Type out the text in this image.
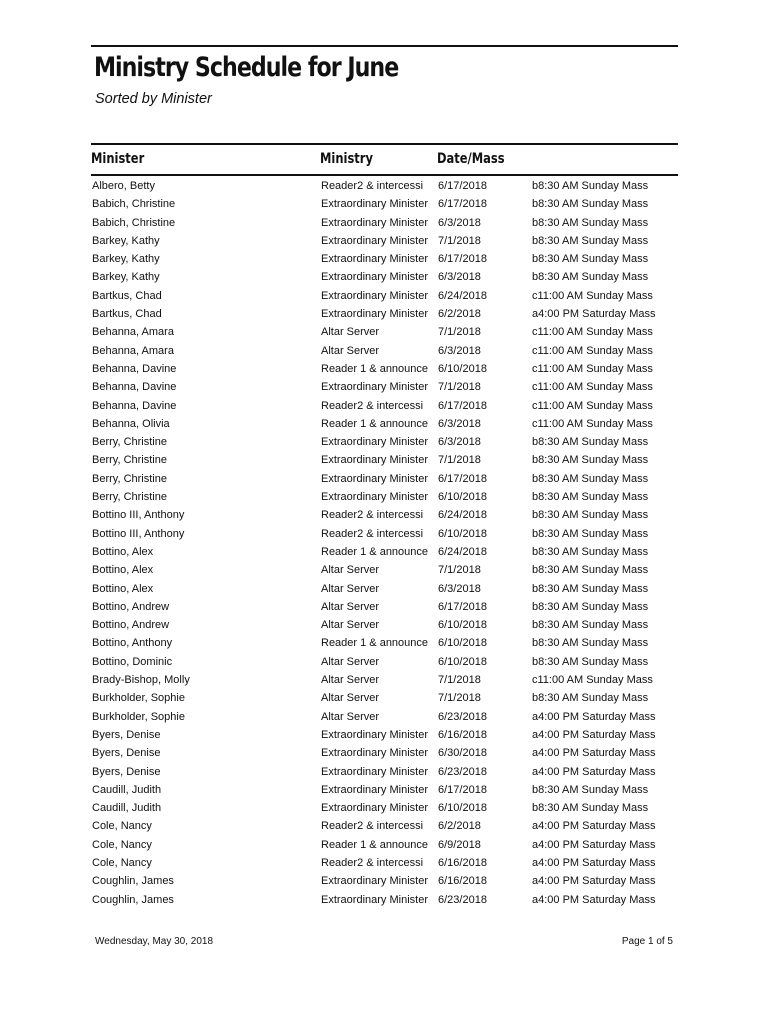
Ministry Schedule for June
Sorted by Minister
Minister	Ministry	Date/Mass
Albero, Betty	Reader2 & intercessi 6/17/2018	b8:30 AM Sunday Mass
Babich, Christine	Extraordinary Minister 6/17/2018	b8:30 AM Sunday Mass
Babich, Christine	Extraordinary Minister 6/3/2018	b8:30 AM Sunday Mass
Barkey, Kathy	Extraordinary Minister 7/1/2018	b8:30 AM Sunday Mass
Barkey, Kathy	Extraordinary Minister 6/17/2018	b8:30 AM Sunday Mass
Barkey, Kathy	Extraordinary Minister 6/3/2018	b8:30 AM Sunday Mass
Bartkus, Chad	Extraordinary Minister 6/24/2018	c11:00 AM Sunday Mass
Bartkus, Chad	Extraordinary Minister 6/2/2018	a4:00 PM Saturday Mass
Behanna, Amara	Altar Server	7/1/2018	c11:00 AM Sunday Mass
Behanna, Amara	Altar Server	6/3/2018	c11:00 AM Sunday Mass
Behanna, Davine	Reader 1 & announce 6/10/2018	c11:00 AM Sunday Mass
Behanna, Davine	Extraordinary Minister 7/1/2018	c11:00 AM Sunday Mass
Behanna, Davine	Reader2 & intercessi 6/17/2018	c11:00 AM Sunday Mass
Behanna, Olivia	Reader 1 & announce 6/3/2018	c11:00 AM Sunday Mass
Berry, Christine	Extraordinary Minister 6/3/2018	b8:30 AM Sunday Mass
Berry, Christine	Extraordinary Minister 7/1/2018	b8:30 AM Sunday Mass
Berry, Christine	Extraordinary Minister 6/17/2018	b8:30 AM Sunday Mass
Berry, Christine	Extraordinary Minister 6/10/2018	b8:30 AM Sunday Mass
Bottino III, Anthony	Reader2 & intercessi 6/24/2018	b8:30 AM Sunday Mass
Bottino III, Anthony	Reader2 & intercessi 6/10/2018	b8:30 AM Sunday Mass
Bottino, Alex	Reader 1 & announce 6/24/2018	b8:30 AM Sunday Mass
Bottino, Alex	Altar Server	7/1/2018	b8:30 AM Sunday Mass
Bottino, Alex	Altar Server	6/3/2018	b8:30 AM Sunday Mass
Bottino, Andrew	Altar Server	6/17/2018	b8:30 AM Sunday Mass
Bottino, Andrew	Altar Server	6/10/2018	b8:30 AM Sunday Mass
Bottino, Anthony	Reader 1 & announce 6/10/2018	b8:30 AM Sunday Mass
Bottino, Dominic	Altar Server	6/10/2018	b8:30 AM Sunday Mass
Brady-Bishop, Molly	Altar Server	7/1/2018	c11:00 AM Sunday Mass
Burkholder, Sophie	Altar Server	7/1/2018	b8:30 AM Sunday Mass
Burkholder, Sophie	Altar Server	6/23/2018	a4:00 PM Saturday Mass
Byers, Denise	Extraordinary Minister 6/16/2018	a4:00 PM Saturday Mass
Byers, Denise	Extraordinary Minister 6/30/2018	a4:00 PM Saturday Mass
Byers, Denise	Extraordinary Minister 6/23/2018	a4:00 PM Saturday Mass
Caudill, Judith	Extraordinary Minister 6/17/2018	b8:30 AM Sunday Mass
Caudill, Judith	Extraordinary Minister 6/10/2018	b8:30 AM Sunday Mass
Cole, Nancy	Reader2 & intercessi 6/2/2018	a4:00 PM Saturday Mass
Cole, Nancy	Reader 1 & announce 6/9/2018	a4:00 PM Saturday Mass
Cole, Nancy	Reader2 & intercessi 6/16/2018	a4:00 PM Saturday Mass
Coughlin, James	Extraordinary Minister 6/16/2018	a4:00 PM Saturday Mass
Coughlin, James	Extraordinary Minister 6/23/2018	a4:00 PM Saturday Mass
Wednesday, May 30, 2018	Page 1 of 5
